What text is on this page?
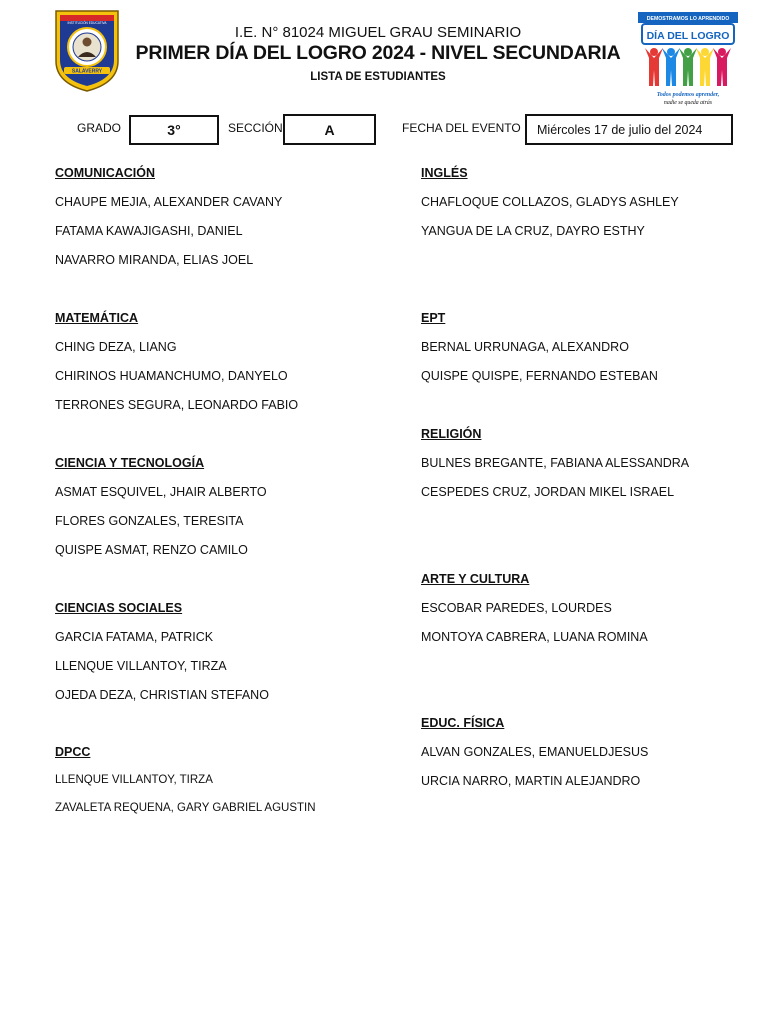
INSTITUCIÓN EDUCATIVA
SALAVERRY
DEMOSTRAMOS LO APRENDIDO
DÍA DEL LOGRO
Todos podemos aprender,
nadie se queda atrás
I.E. N° 81024 MIGUEL GRAU SEMINARIO
PRIMER DÍA DEL LOGRO 2024 - NIVEL SECUNDARIA
LISTA DE ESTUDIANTES
GRADO	3°	SECCIÓN	A	FECHA DEL EVENTO Miércoles 17 de julio del 2024
COMUNICACIÓN
CHAUPE MEJIA, ALEXANDER CAVANY
FATAMA KAWAJIGASHI, DANIEL
NAVARRO MIRANDA, ELIAS JOEL
MATEMÁTICA
CHING DEZA, LIANG
CHIRINOS HUAMANCHUMO, DANYELO
TERRONES SEGURA, LEONARDO FABIO
CIENCIA Y TECNOLOGÍA
ASMAT ESQUIVEL, JHAIR ALBERTO
FLORES GONZALES, TERESITA
QUISPE ASMAT, RENZO CAMILO
CIENCIAS SOCIALES
GARCIA FATAMA, PATRICK
LLENQUE VILLANTOY, TIRZA
OJEDA DEZA, CHRISTIAN STEFANO
DPCC
LLENQUE VILLANTOY, TIRZA
ZAVALETA REQUENA, GARY GABRIEL AGUSTIN
INGLÉS
CHAFLOQUE COLLAZOS, GLADYS ASHLEY
YANGUA DE LA CRUZ, DAYRO ESTHY
EPT
BERNAL URRUNAGA, ALEXANDRO
QUISPE QUISPE, FERNANDO ESTEBAN
RELIGIÓN
BULNES BREGANTE, FABIANA ALESSANDRA
CESPEDES CRUZ, JORDAN MIKEL ISRAEL
ARTE Y CULTURA
ESCOBAR PAREDES, LOURDES
MONTOYA CABRERA, LUANA ROMINA
EDUC. FÍSICA
ALVAN GONZALES, EMANUELDJESUS
URCIA NARRO, MARTIN ALEJANDRO
